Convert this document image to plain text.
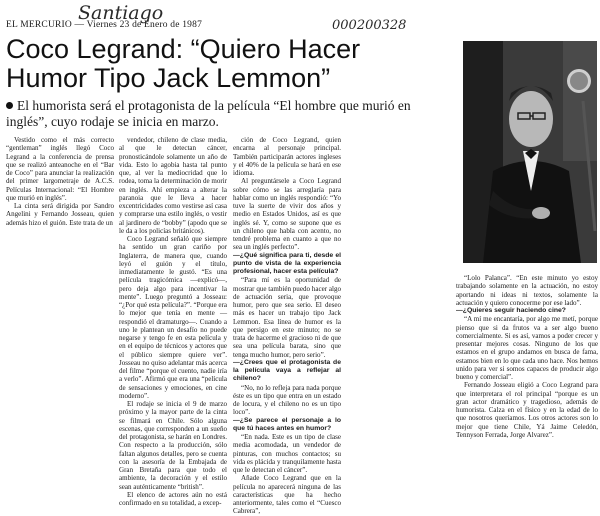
EL MERCURIO — Viernes 23 de Enero de 1987
Santiago
000200328
Coco Legrand: “Quiero Hacer
Humor Tipo Jack Lemmon”
El humorista será el protagonista de la película “El hombre que murió en inglés”, cuyo rodaje se inicia en marzo.

Vestido como el más correcto “gentleman” inglés llegó Coco Legrand a la conferencia de prensa que se realizó anteanoche en el “Bar de Coco” para anunciar la realización del primer largometraje de A.C.S. Películas Internacional: “El Hombre que murió en inglés”.

La cinta será dirigida por Sandro Angelini y Fernando Josseau, quien además hizo el guión. Este trata de un

vendedor, chileno de clase media, al que le detectan cáncer, pronosticándole solamente un año de vida. Esto lo agobia hasta tal punto que, al ver la mediocridad que lo rodea, toma la determinación de morir en inglés. Ahí empieza a alterar la paranoia que le lleva a hacer excentricidades como vestirse así casa y comprarse una estilo inglés, o vestir al jardinero de “bobby” (apodo que se le da a los policías británicos).

Coco Legrand señaló que siempre ha sentido un gran cariño por Inglaterra, de manera que, cuando leyó el guión y el título, inmediatamente le gustó. “Es una película tragicómica —explicó—, pero deja algo para incentivar la mente”. Luego preguntó a Josseau: “¿Por qué esta película?”. “Porque era lo mejor que tenía en mente —respondió el dramaturgo—. Cuando a uno le plantean un desafío no puede negarse y tengo fe en esta película y en el equipo de técnicos y actores que el público siempre quiere ver”. Josseau no quiso adelantar más acerca del filme “porque el cuento, nadie iría a verlo”. Afirmó que era una “película de sensaciones y emociones, en cine moderno”.

El rodaje se inicia el 9 de marzo próximo y la mayor parte de la cinta se filmará en Chile. Sólo alguna escenas, que corresponden a un sueño del protagonista, se harán en Londres. Con respecto a la producción, sólo faltan algunos detalles, pero se cuenta con la asesoría de la Embajada de Gran Bretaña para que todo el ambiente, la decoración y el estilo sean auténticamente “british”.

El elenco de actores aún no está confirmado en su totalidad, a excep-

ción de Coco Legrand, quien encarna al personaje principal. También participarán actores ingleses y el 40% de la película se hará en ese idioma.

Al preguntársele a Coco Legrand sobre cómo se las arreglaría para hablar como un inglés respondió: “Yo tuve la suerte de vivir dos años y medio en Estados Unidos, así es que inglés sé. Y, como se supone que es un chileno que habla con acento, no tendré problema en cuanto a que no sea un inglés perfecto”.

—¿Qué significa para ti, desde el punto de vista de la experiencia profesional, hacer esta película?

“Para mí es la oportunidad de mostrar que también puedo hacer algo de actuación seria, que provoque humor, pero que sea serio. El deseo más es hacer un trabajo tipo Jack Lemmon. Esa línea de humor es la que persigo en este minuto; no se trata de hacerme el gracioso ni de que sea una película barata, sino que tenga mucho humor, pero serio”.

—¿Crees que el protagonista de la película vaya a reflejar al chileno?

“No, no lo refleja para nada porque éste es un tipo que entra en un estado de locura, y el chileno no es un tipo loco”.

—¿Se parece el personaje a lo que tú haces antes en humor?

“En nada. Este es un tipo de clase media acomodada, un vendedor de pinturas, con muchos contactos; su vida es plácida y tranquilamente hasta que le detectan el cáncer”.

Añade Coco Legrand que en la película no aparecerá ninguna de las características que ha hecho anteriormente, tales como el “Cuesco Cabrera”,

“Lolo Palanca”. “En este minuto yo estoy trabajando solamente en la actuación, no estoy aportando ni ideas ni textos, solamente la actuación y quiero conocerme por ese lado”.

—¿Quieres seguir haciendo cine?

“A mí me encantaría, por algo me metí, porque pienso que si da frutos va a ser algo bueno comercialmente. Si es así, vamos a poder crecer y presentar mejores cosas. Ninguno de los que estamos en el grupo andamos en busca de fama, estamos bien en lo que cada uno hace. Nos hemos unido para ver si somos capaces de producir algo bueno y comercial”.

Fernando Josseau eligió a Coco Legrand para que interpretara el rol principal “porque es un gran actor dramático y tragedioso, además de humorista. Calza en el físico y en la edad de lo que nosotros queríamos. Los otros actores son lo mejor que tiene Chile, Yá Jaime Celedón, Tennyson Ferrada, Jorge Alvarez”.
